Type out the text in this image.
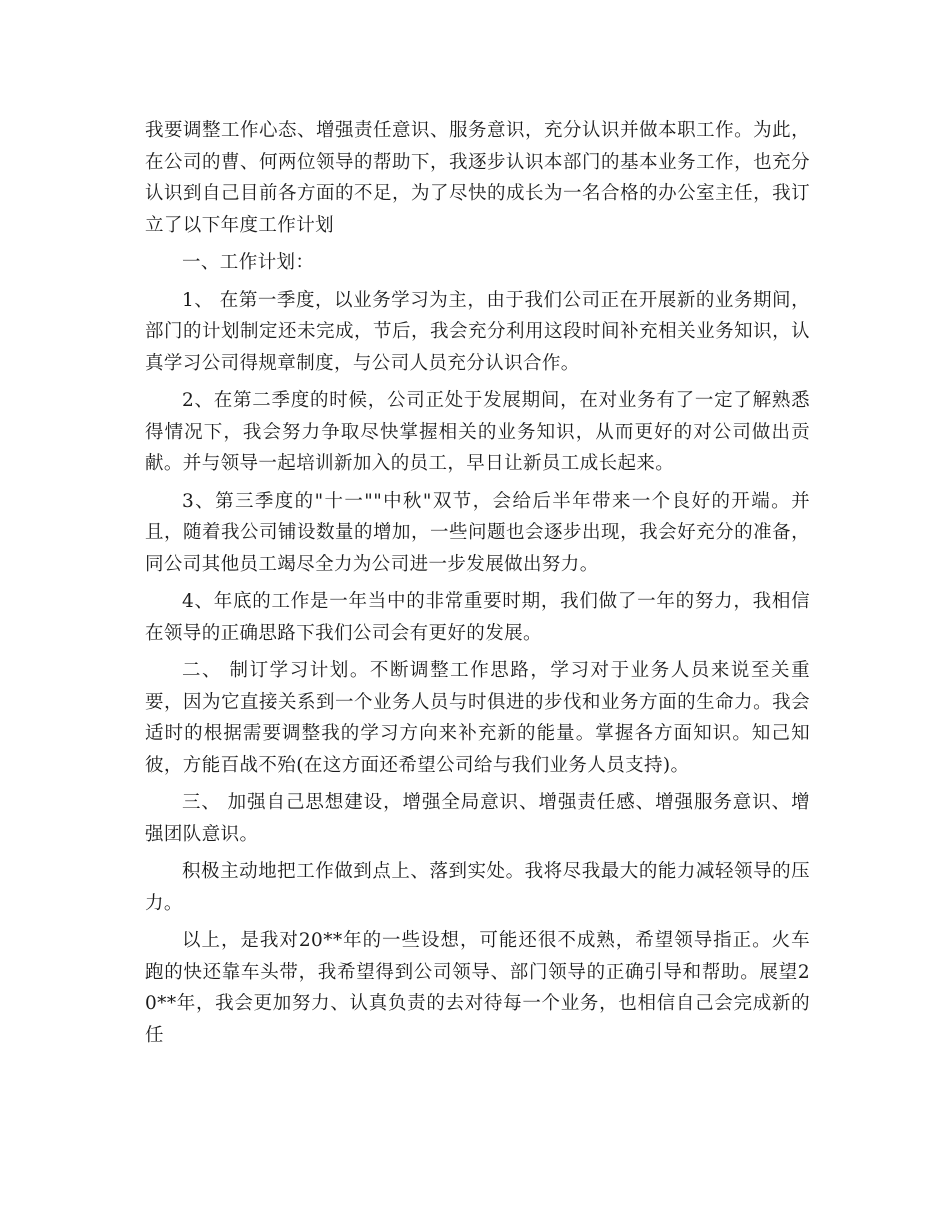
我要调整工作心态、增强责任意识、服务意识，充分认识并做本职工作。为此，在公司的曹、何两位领导的帮助下，我逐步认识本部门的基本业务工作，也充分认识到自己目前各方面的不足，为了尽快的成长为一名合格的办公室主任，我订立了以下年度工作计划

一、工作计划：

1、 在第一季度，以业务学习为主，由于我们公司正在开展新的业务期间，部门的计划制定还未完成，节后，我会充分利用这段时间补充相关业务知识，认真学习公司得规章制度，与公司人员充分认识合作。

2、在第二季度的时候，公司正处于发展期间，在对业务有了一定了解熟悉得情况下，我会努力争取尽快掌握相关的业务知识，从而更好的对公司做出贡献。并与领导一起培训新加入的员工，早日让新员工成长起来。

3、第三季度的"十一""中秋"双节，会给后半年带来一个良好的开端。并且，随着我公司铺设数量的增加，一些问题也会逐步出现，我会好充分的准备，同公司其他员工竭尽全力为公司进一步发展做出努力。

4、年底的工作是一年当中的非常重要时期，我们做了一年的努力，我相信在领导的正确思路下我们公司会有更好的发展。

二、 制订学习计划。不断调整工作思路，学习对于业务人员来说至关重要，因为它直接关系到一个业务人员与时俱进的步伐和业务方面的生命力。我会适时的根据需要调整我的学习方向来补充新的能量。掌握各方面知识。知己知彼，方能百战不殆(在这方面还希望公司给与我们业务人员支持)。

三、 加强自己思想建设，增强全局意识、增强责任感、增强服务意识、增强团队意识。

积极主动地把工作做到点上、落到实处。我将尽我最大的能力减轻领导的压力。

以上，是我对20**年的一些设想，可能还很不成熟，希望领导指正。火车跑的快还靠车头带，我希望得到公司领导、部门领导的正确引导和帮助。展望20**年，我会更加努力、认真负责的去对待每一个业务，也相信自己会完成新的任
